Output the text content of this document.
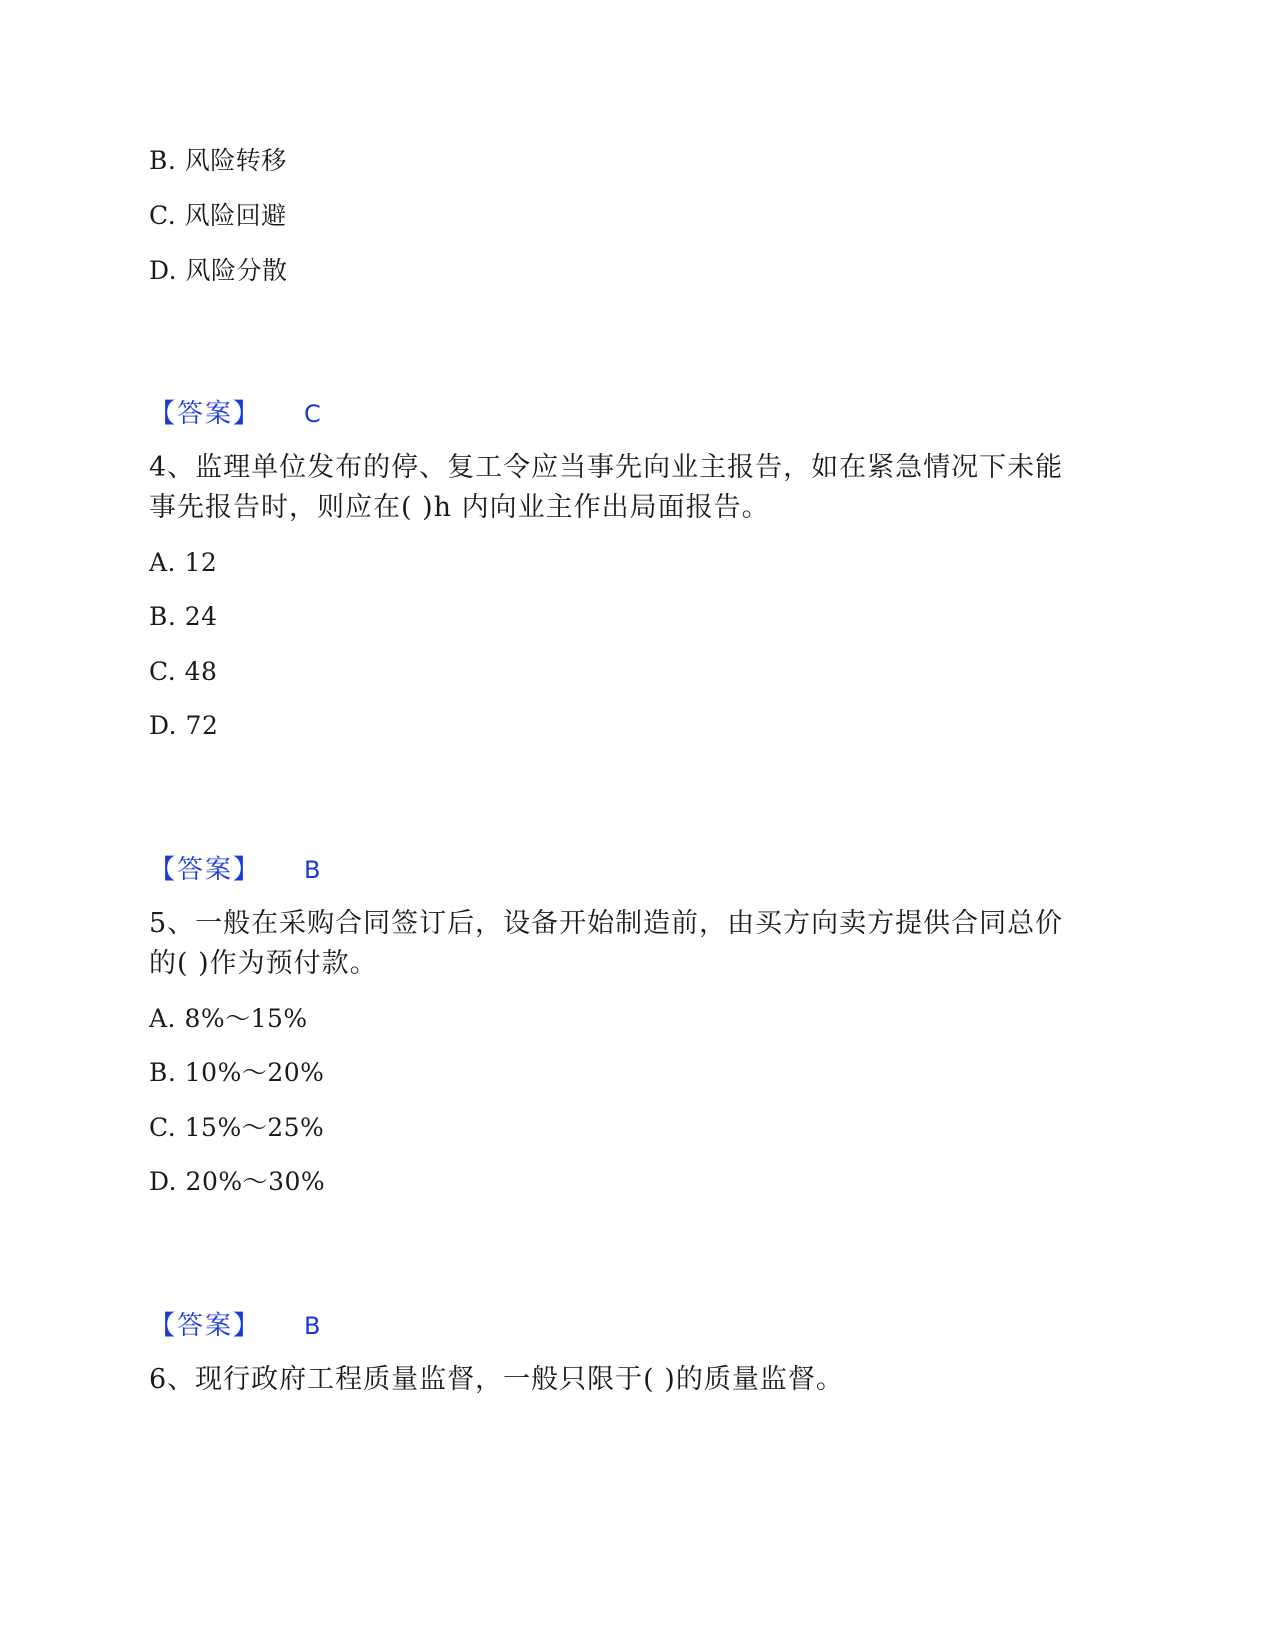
B. 风险转移
C. 风险回避
D. 风险分散
【答案】 C
4、监理单位发布的停、复工令应当事先向业主报告，如在紧急情况下未能
事先报告时，则应在( )h 内向业主作出局面报告。
A. 12
B. 24
C. 48
D. 72
【答案】 B
5、一般在采购合同签订后，设备开始制造前，由买方向卖方提供合同总价
的( )作为预付款。
A. 8%～15%
B. 10%～20%
C. 15%～25%
D. 20%～30%
【答案】 B
6、现行政府工程质量监督，一般只限于( )的质量监督。
